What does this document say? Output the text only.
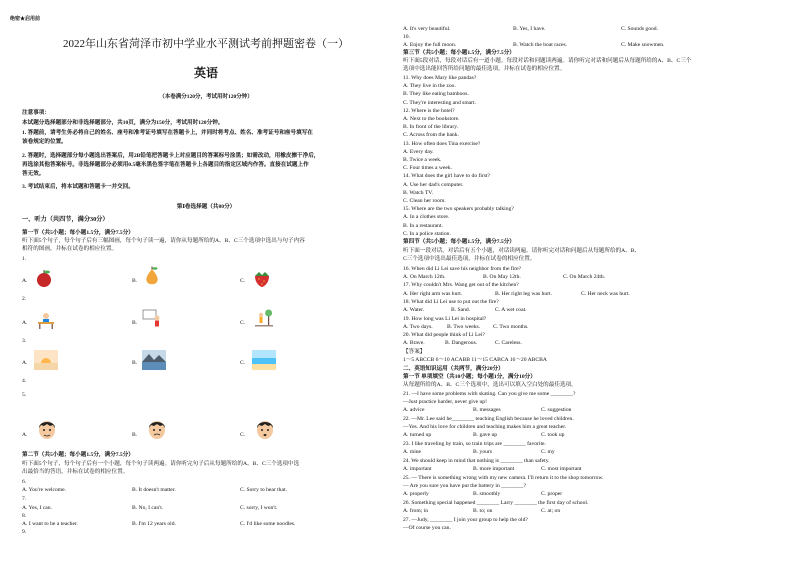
绝密★启用前
2022年山东省菏泽市初中学业水平测试考前押题密卷（一）
英语
（本卷满分120分，考试用时120分钟）
注意事项：
本试题分选择题部分和非选择题部分，共10页，满分为150分，考试用时120分钟。
1. 答题前，请考生务必将自己的姓名、座号和准考证号填写在答题卡上，并同时将考点、姓名、准考证号和座号填写在
该卷规定的位置。
2. 答题时，选择题部分每小题选出答案后，用2B铅笔把答题卡上对应题目的答案标号涂黑；如需改动，用橡皮擦干净后，
再选涂其他答案标号。非选择题部分必须用0.5毫米黑色签字笔在答题卡上各题目的指定区域内作答。直接在试题上作
答无效。
3. 考试结束后，将本试题和答题卡一并交回。
第Ⅰ卷选择题（共80分）
一、听力（共四节，满分30分）
第一节（共5小题；每小题1.5分，满分7.5分）
听下面5个句子，每个句子后有三幅图画，每个句子读一遍，请你从每题所给的A、B、C三个选项中选出与句子内容
相符的图画，并标在试卷的相应位置。
1.
A.	B.	C.
2.
A.	B.	C.
3.
A.	B.	C.
4.
5.
A.	B.	C.
第二节（共5小题；每小题1.5分，满分7.5分）
听下面5个句子，每个句子后有一个小题，每个句子读两遍。请你听完句子后从每题所给的A、B、C三个选项中选
出最恰当的答语，并标在试卷的相应位置。
6.
A. You're welcome.	B. It doesn't matter.	C. Sorry to hear that.
7.
A. Yes, I can.	B. No, I can't.	C. sorry, I won't.
8.
A. I want to be a teacher.	B. I'm 12 years old.	C. I'd like some noodles.
9.
A. It's very beautiful.	B. Yes, I have.	C. Sounds good.
10.
A. Enjoy the full moon.	B. Watch the boat races.	C. Make snowmen.
第三节（共5小题；每小题1.5分，满分7.5分）
听下面5段对话，每段对话后有一道小题。每段对话和问题读两遍。请你听完对话和问题后从每题所给的A、B、C三个
选项中选出能回答所给问题的最佳选项，并标在试卷的相应位置。
11. Why does Mary like pandas?
A. They live in the zoo.
B. They like eating bamboos.
C. They're interesting and smart.
12. Where is the hotel?
A. Next to the bookstore.
B. In front of the library.
C. Across from the bank.
13. How often does Tina exercise?
A. Every day.
B. Twice a week.
C. Four times a week.
14. What does the girl have to do first?
A. Use her dad's computer.
B. Watch TV.
C. Clean her room.
15. Where are the two speakers probably talking?
A. In a clothes store.
B. In a restaurant.
C. In a police station.
第四节（共5小题；每小题1.5分，满分7.5分）
听下面一段对话，对话后有五个小题，对话读两遍。请你听完对话和问题后从每题所给的A、B、
C三个选项中选出最佳选项，并标在试卷的相应位置。
16. When did Li Lei save his neighbor from the fire?
A. On March 12th.	B. On May 12th.	C. On March 24th.
17. Why couldn't Mrs. Wang get out of the kitchen?
A. Her right arm was hurt.	B. Her right leg was hurt.	C. Her neck was hurt.
18. What did Li Lei use to put out the fire?
A. Water.	B. Sand.	C. A wet coat.
19. How long was Li Lei in hospital?
A. Two days.	B. Two weeks. C. Two months.
20. What did people think of Li Lei?
A. Brave.	B. Dangerous.	C. Careless.
【答案】
1～5 ABCCB 6～10 ACABB 11～15 CABCA 16～20 ABCBA
二、英语知识运用（共两节，满分20分）
第一节 单项填空（共10小题；每小题1分，满分10分）
从每题所给的A、B、C三个选项中，选出可以填入空白处的最佳选项。
21. —I have some problems with skating. Can you give me some ________?
—Just practice harder, never give up!
A. advice	B. messages	C. suggestion
22. —Mr. Lee said he________ teaching English because he loved children.
—Yes. And his love for children and teaching makes him a great teacher.
A. turned up	B. gave up	C. took up
23. I like traveling by train, so train trips are ________ favorite.
A. mine	B. yours	C. my
24. We should keep in mind that nothing is ________ than safety.
A. important	B. more important	C. most important
25. — There is something wrong with my new camera. I'll return it to the shop tomorrow.
— Are you sure you have put the battery in ________?
A. properly	B. smoothly	C. proper
26. Something special happened ________ Larry ________ the first day of school.
A. from; in	B. to; on	C. at; on
27. —Judy, ________ I join your group to help the old?
—Of course you can.
